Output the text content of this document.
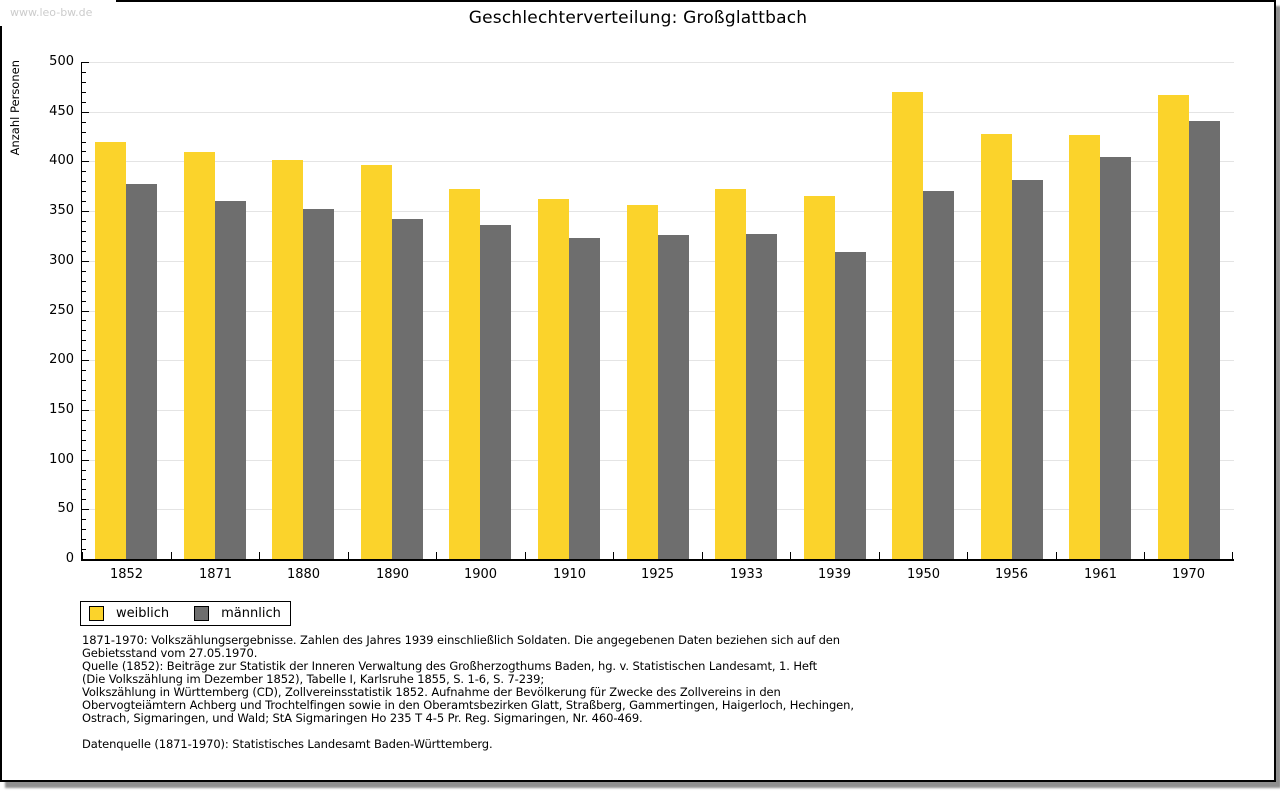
www.leo-bw.de	Geschlechterverteilung: Großglattbach
Anzahl Personen
1852	1871	1880	1890	1900	1910	1925	1933	1939	1950	1956	1961	1970
0
50
100
150
200
250
300
350
400
450
500
weiblich	männlich
1871-1970: Volkszählungsergebnisse. Zahlen des Jahres 1939 einschließlich Soldaten. Die angegebenen Daten beziehen sich auf den
Gebietsstand vom 27.05.1970.
Quelle (1852): Beiträge zur Statistik der Inneren Verwaltung des Großherzogthums Baden, hg. v. Statistischen Landesamt, 1. Heft
(Die Volkszählung im Dezember 1852), Tabelle I, Karlsruhe 1855, S. 1-6, S. 7-239;
Volkszählung in Württemberg (CD), Zollvereinsstatistik 1852. Aufnahme der Bevölkerung für Zwecke des Zollvereins in den
Obervogteiämtern Achberg und Trochtelfingen sowie in den Oberamtsbezirken Glatt, Straßberg, Gammertingen, Haigerloch, Hechingen,
Ostrach, Sigmaringen, und Wald; StA Sigmaringen Ho 235 T 4-5 Pr. Reg. Sigmaringen, Nr. 460-469.
Datenquelle (1871-1970): Statistisches Landesamt Baden-Württemberg.
